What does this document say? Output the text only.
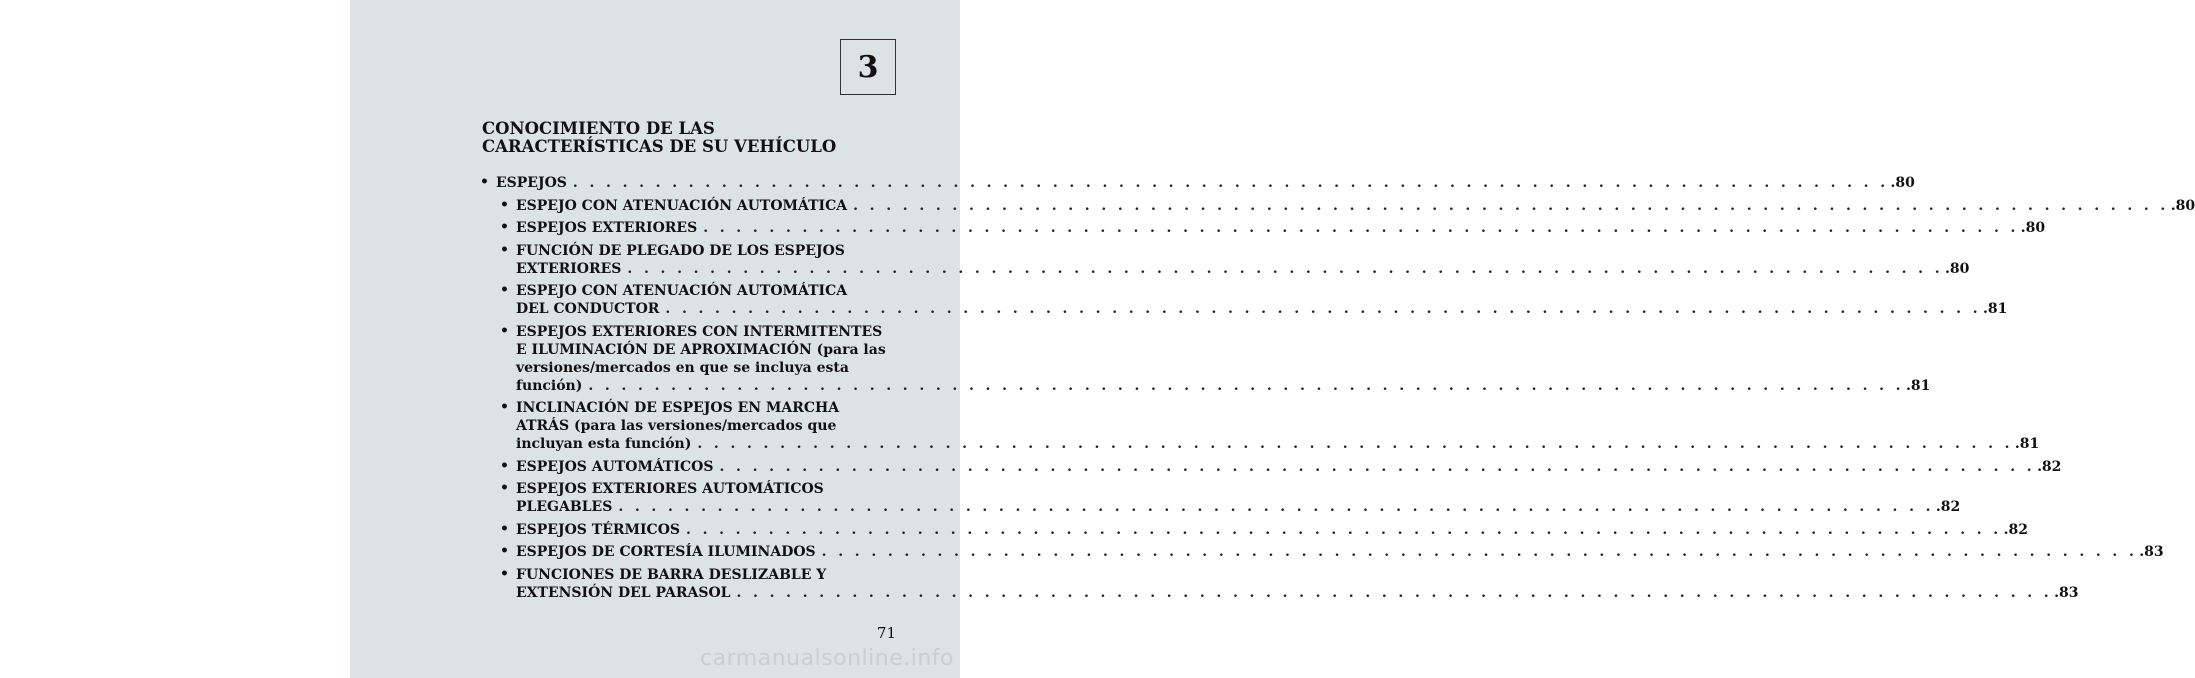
3
CONOCIMIENTO DE LAS
CARACTERÍSTICAS DE SU VEHÍCULO
• ESPEJOS . . . . . . . . . . . . . . . . . . . . . . . . . . . . . . . . . . . . . . . . . . . . . . . . . . . . . . . . . . . . . . . . . . . . . . . . . . . . . . . . .80
• ESPEJO CON ATENUACIÓN AUTOMÁTICA . . . . . . . . . . . . . . . . . . . . . . . . . . . . . . . . . . . . . . . . . . . . . . . . . . . . . . . . . . . . . . . . . . . . . . . . . . . . . . . . .80
• ESPEJOS EXTERIORES . . . . . . . . . . . . . . . . . . . . . . . . . . . . . . . . . . . . . . . . . . . . . . . . . . . . . . . . . . . . . . . . . . . . . . . . . . . . . . . . .80
• FUNCIÓN DE PLEGADO DE LOS ESPEJOS
EXTERIORES . . . . . . . . . . . . . . . . . . . . . . . . . . . . . . . . . . . . . . . . . . . . . . . . . . . . . . . . . . . . . . . . . . . . . . . . . . . . . . . . .80
• ESPEJO CON ATENUACIÓN AUTOMÁTICA
DEL CONDUCTOR . . . . . . . . . . . . . . . . . . . . . . . . . . . . . . . . . . . . . . . . . . . . . . . . . . . . . . . . . . . . . . . . . . . . . . . . . . . . . . . . .81
• ESPEJOS EXTERIORES CON INTERMITENTES
E ILUMINACIÓN DE APROXIMACIÓN (para las
versiones/mercados en que se incluya esta
función) . . . . . . . . . . . . . . . . . . . . . . . . . . . . . . . . . . . . . . . . . . . . . . . . . . . . . . . . . . . . . . . . . . . . . . . . . . . . . . . . .81
• INCLINACIÓN DE ESPEJOS EN MARCHA
ATRÁS (para las versiones/mercados que
incluyan esta función) . . . . . . . . . . . . . . . . . . . . . . . . . . . . . . . . . . . . . . . . . . . . . . . . . . . . . . . . . . . . . . . . . . . . . . . . . . . . . . . . .81
• ESPEJOS AUTOMÁTICOS . . . . . . . . . . . . . . . . . . . . . . . . . . . . . . . . . . . . . . . . . . . . . . . . . . . . . . . . . . . . . . . . . . . . . . . . . . . . . . . . .82
• ESPEJOS EXTERIORES AUTOMÁTICOS
PLEGABLES . . . . . . . . . . . . . . . . . . . . . . . . . . . . . . . . . . . . . . . . . . . . . . . . . . . . . . . . . . . . . . . . . . . . . . . . . . . . . . . . .82
• ESPEJOS TÉRMICOS . . . . . . . . . . . . . . . . . . . . . . . . . . . . . . . . . . . . . . . . . . . . . . . . . . . . . . . . . . . . . . . . . . . . . . . . . . . . . . . . .82
• ESPEJOS DE CORTESÍA ILUMINADOS . . . . . . . . . . . . . . . . . . . . . . . . . . . . . . . . . . . . . . . . . . . . . . . . . . . . . . . . . . . . . . . . . . . . . . . . . . . . . . . . .83
• FUNCIONES DE BARRA DESLIZABLE Y
EXTENSIÓN DEL PARASOL . . . . . . . . . . . . . . . . . . . . . . . . . . . . . . . . . . . . . . . . . . . . . . . . . . . . . . . . . . . . . . . . . . . . . . . . . . . . . . . . .83
71
carmanualsonline.info
